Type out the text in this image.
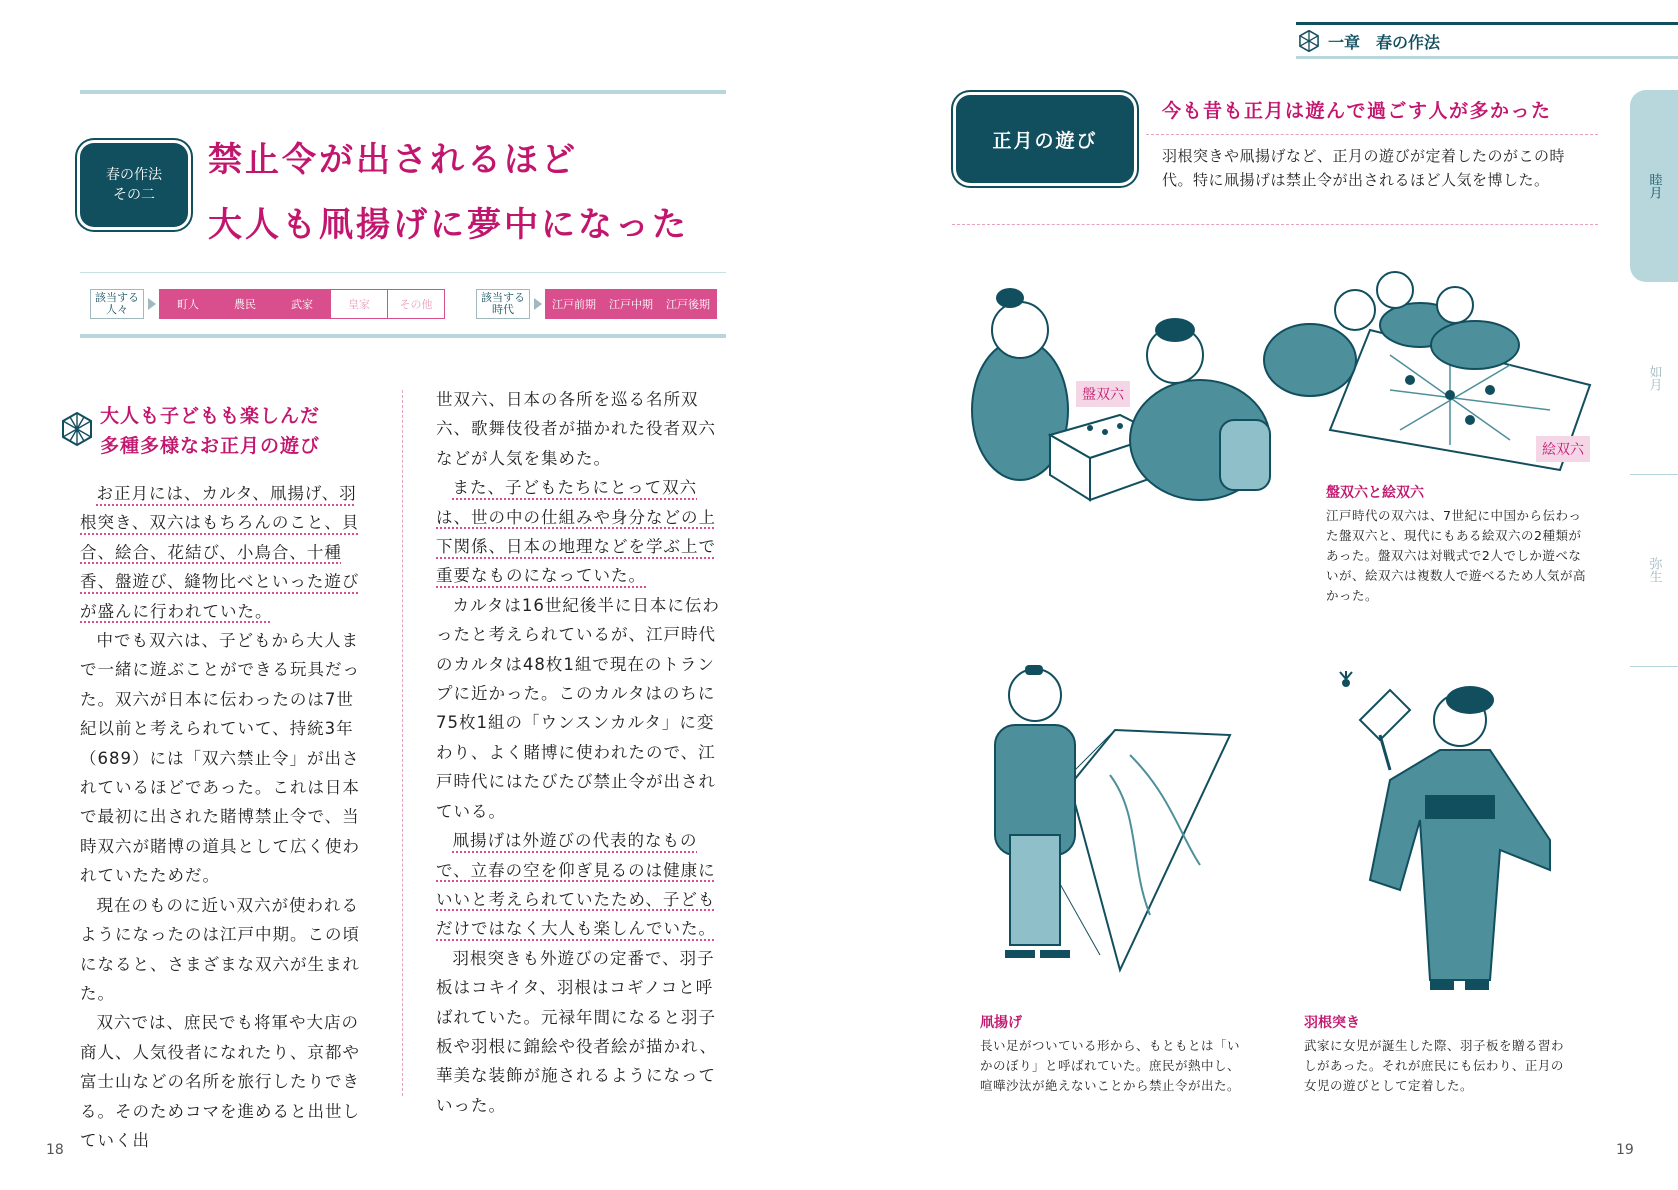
春の作法
その二
禁止令が出されるほど
大人も凧揚げに夢中になった
該当する
人々	町人	農民	武家	皇家	その他
該当する
時代	江戸前期	江戸中期	江戸後期
大人も子どもも楽しんだ
多種多様なお正月の遊び

お正月には、カルタ、凧揚げ、羽根突き、双六はもちろんのこと、貝合、絵合、花結び、小鳥合、十種香、盤遊び、縫物比べといった遊びが盛んに行われていた。

中でも双六は、子どもから大人まで一緒に遊ぶことができる玩具だった。双六が日本に伝わったのは7世紀以前と考えられていて、持統3年（689）には「双六禁止令」が出されているほどであった。これは日本で最初に出された賭博禁止令で、当時双六が賭博の道具として広く使われていたためだ。

現在のものに近い双六が使われるようになったのは江戸中期。この頃になると、さまざまな双六が生まれた。

双六では、庶民でも将軍や大店の商人、人気役者になれたり、京都や富士山などの名所を旅行したりできる。そのためコマを進めると出世していく出

世双六、日本の各所を巡る名所双六、歌舞伎役者が描かれた役者双六などが人気を集めた。

また、子どもたちにとって双六は、世の中の仕組みや身分などの上下関係、日本の地理などを学ぶ上で重要なものになっていた。

カルタは16世紀後半に日本に伝わったと考えられているが、江戸時代のカルタは48枚1組で現在のトランプに近かった。このカルタはのちに75枚1組の「ウンスンカルタ」に変わり、よく賭博に使われたので、江戸時代にはたびたび禁止令が出されている。

凧揚げは外遊びの代表的なもので、立春の空を仰ぎ見るのは健康にいいと考えられていたため、子どもだけではなく大人も楽しんでいた。

羽根突きも外遊びの定番で、羽子板はコキイタ、羽根はコギノコと呼ばれていた。元禄年間になると羽子板や羽根に錦絵や役者絵が描かれ、華美な装飾が施されるようになっていった。

18
一章　春の作法
正月の遊び
今も昔も正月は遊んで過ごす人が多かった
羽根突きや凧揚げなど、正月の遊びが定着したのがこの時代。特に凧揚げは禁止令が出されるほど人気を博した。	睦月
如月
弥生
盤双六
絵双六
盤双六と絵双六
江戸時代の双六は、7世紀に中国から伝わった盤双六と、現代にもある絵双六の2種類があった。盤双六は対戦式で2人でしか遊べないが、絵双六は複数人で遊べるため人気が高かった。
凧揚げ
長い足がついている形から、もともとは「いかのぼり」と呼ばれていた。庶民が熱中し、喧嘩沙汰が絶えないことから禁止令が出た。
羽根突き
武家に女児が誕生した際、羽子板を贈る習わしがあった。それが庶民にも伝わり、正月の女児の遊びとして定着した。
19
